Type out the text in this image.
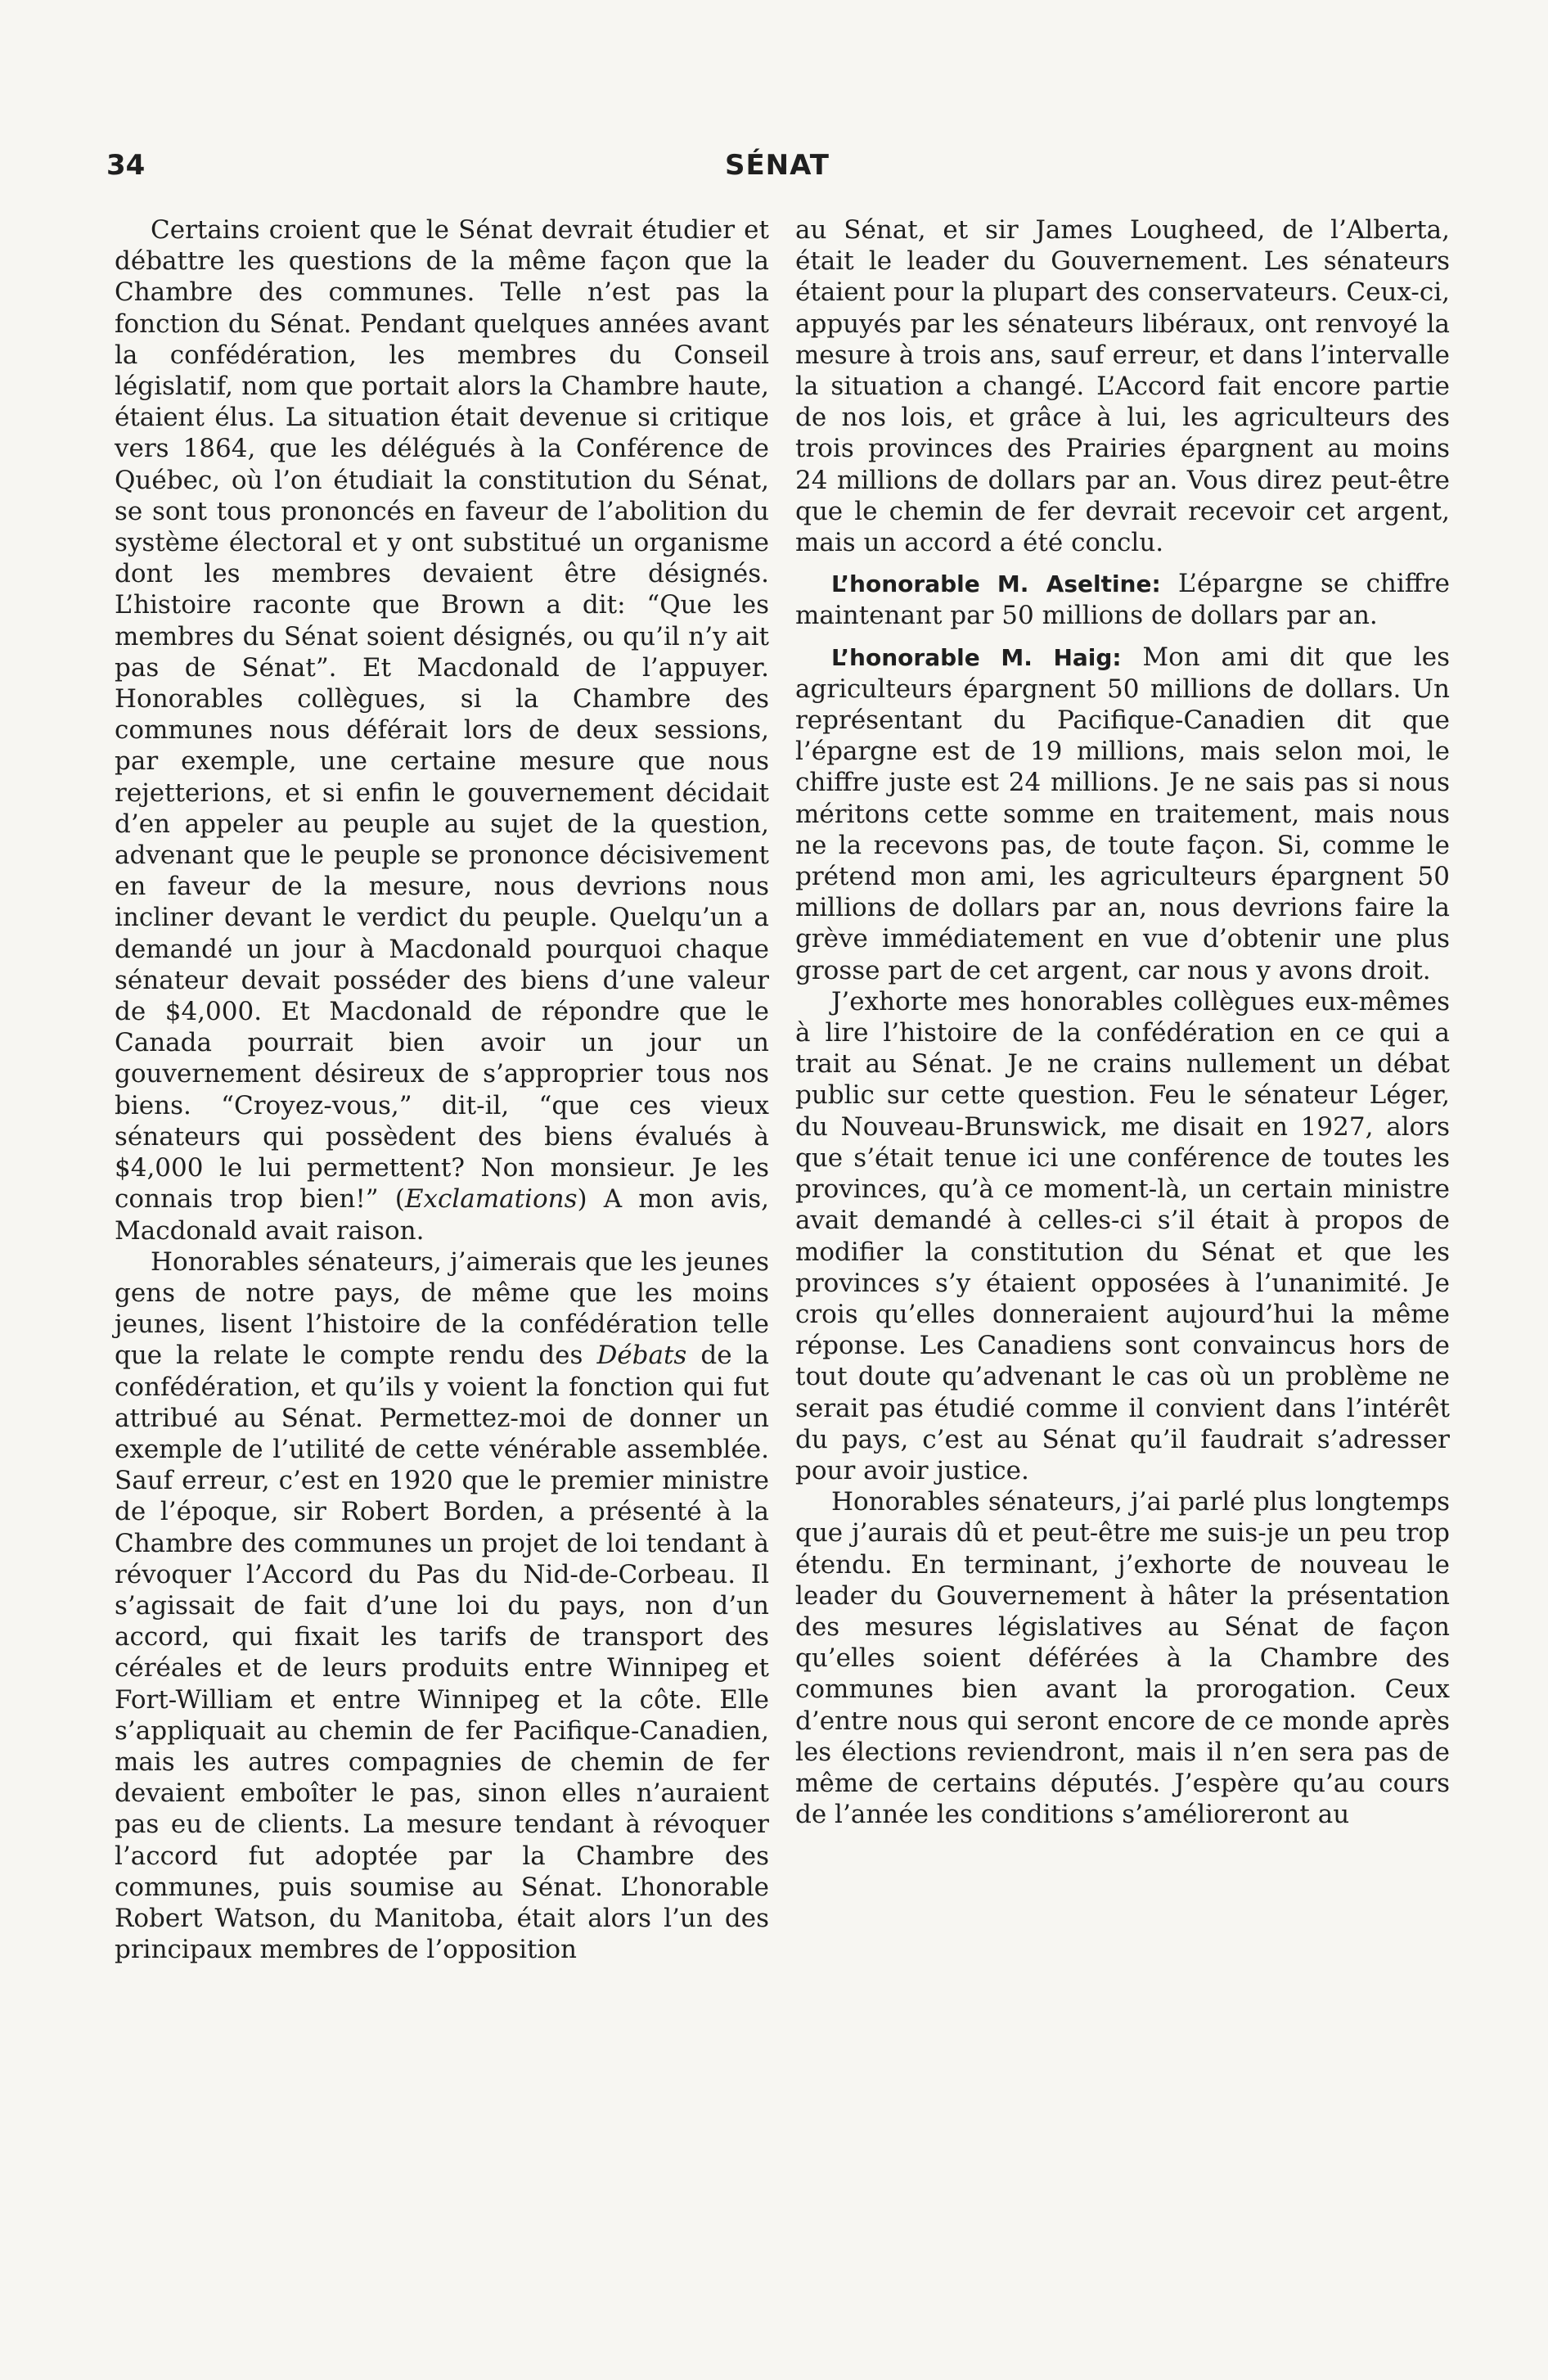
34	SÉNAT

Certains croient que le Sénat devrait étudier et débattre les questions de la même façon que la Chambre des communes. Telle n’est pas la fonction du Sénat. Pendant quelques années avant la confédération, les membres du Conseil législatif, nom que portait alors la Chambre haute, étaient élus. La situation était devenue si critique vers 1864, que les délégués à la Conférence de Québec, où l’on étudiait la constitution du Sénat, se sont tous prononcés en faveur de l’abolition du système électoral et y ont substitué un organisme dont les membres devaient être désignés. L’histoire raconte que Brown a dit: “Que les membres du Sénat soient désignés, ou qu’il n’y ait pas de Sénat”. Et Macdonald de l’appuyer. Honorables collègues, si la Chambre des communes nous déférait lors de deux sessions, par exemple, une certaine mesure que nous rejetterions, et si enfin le gouvernement décidait d’en appeler au peuple au sujet de la question, advenant que le peuple se prononce décisivement en faveur de la mesure, nous devrions nous incliner devant le verdict du peuple. Quelqu’un a demandé un jour à Macdonald pourquoi chaque sénateur devait posséder des biens d’une valeur de $4,000. Et Macdonald de répondre que le Canada pourrait bien avoir un jour un gouvernement désireux de s’approprier tous nos biens. “Croyez-vous,” dit-il, “que ces vieux sénateurs qui possèdent des biens évalués à $4,000 le lui permettent? Non monsieur. Je les connais trop bien!” (Exclamations) A mon avis, Macdonald avait raison.

Honorables sénateurs, j’aimerais que les jeunes gens de notre pays, de même que les moins jeunes, lisent l’histoire de la confédération telle que la relate le compte rendu des Débats de la confédération, et qu’ils y voient la fonction qui fut attribué au Sénat. Permettez-moi de donner un exemple de l’utilité de cette vénérable assemblée. Sauf erreur, c’est en 1920 que le premier ministre de l’époque, sir Robert Borden, a présenté à la Chambre des communes un projet de loi tendant à révoquer l’Accord du Pas du Nid-de-Corbeau. Il s’agissait de fait d’une loi du pays, non d’un accord, qui fixait les tarifs de transport des céréales et de leurs produits entre Winnipeg et Fort-William et entre Winnipeg et la côte. Elle s’appliquait au chemin de fer Pacifique-Canadien, mais les autres compagnies de chemin de fer devaient emboîter le pas, sinon elles n’auraient pas eu de clients. La mesure tendant à révoquer l’accord fut adoptée par la Chambre des communes, puis soumise au Sénat. L’honorable Robert Watson, du Manitoba, était alors l’un des principaux membres de l’opposition

au Sénat, et sir James Lougheed, de l’Alberta, était le leader du Gouvernement. Les sénateurs étaient pour la plupart des conservateurs. Ceux-ci, appuyés par les sénateurs libéraux, ont renvoyé la mesure à trois ans, sauf erreur, et dans l’intervalle la situation a changé. L’Accord fait encore partie de nos lois, et grâce à lui, les agriculteurs des trois provinces des Prairies épargnent au moins 24 millions de dollars par an. Vous direz peut-être que le chemin de fer devrait recevoir cet argent, mais un accord a été conclu.

L’honorable M. Aseltine: L’épargne se chiffre maintenant par 50 millions de dollars par an.

L’honorable M. Haig: Mon ami dit que les agriculteurs épargnent 50 millions de dollars. Un représentant du Pacifique-Canadien dit que l’épargne est de 19 millions, mais selon moi, le chiffre juste est 24 millions. Je ne sais pas si nous méritons cette somme en traitement, mais nous ne la recevons pas, de toute façon. Si, comme le prétend mon ami, les agriculteurs épargnent 50 millions de dollars par an, nous devrions faire la grève immédiatement en vue d’obtenir une plus grosse part de cet argent, car nous y avons droit.

J’exhorte mes honorables collègues eux-mêmes à lire l’histoire de la confédération en ce qui a trait au Sénat. Je ne crains nullement un débat public sur cette question. Feu le sénateur Léger, du Nouveau-Brunswick, me disait en 1927, alors que s’était tenue ici une conférence de toutes les provinces, qu’à ce moment-là, un certain ministre avait demandé à celles-ci s’il était à propos de modifier la constitution du Sénat et que les provinces s’y étaient opposées à l’unanimité. Je crois qu’elles donneraient aujourd’hui la même réponse. Les Canadiens sont convaincus hors de tout doute qu’advenant le cas où un problème ne serait pas étudié comme il convient dans l’intérêt du pays, c’est au Sénat qu’il faudrait s’adresser pour avoir justice.

Honorables sénateurs, j’ai parlé plus longtemps que j’aurais dû et peut-être me suis-je un peu trop étendu. En terminant, j’exhorte de nouveau le leader du Gouvernement à hâter la présentation des mesures législatives au Sénat de façon qu’elles soient déférées à la Chambre des communes bien avant la prorogation. Ceux d’entre nous qui seront encore de ce monde après les élections reviendront, mais il n’en sera pas de même de certains députés. J’espère qu’au cours de l’année les conditions s’amélioreront au
